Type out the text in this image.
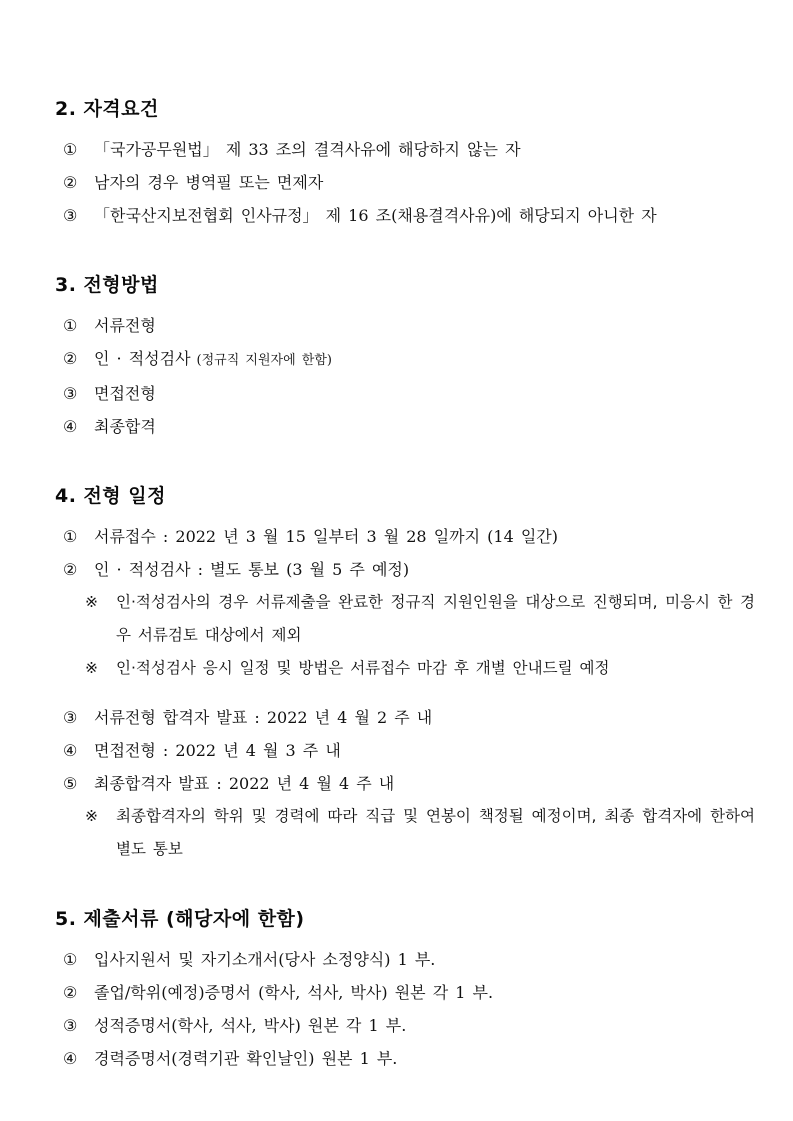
2. 자격요건
①	「국가공무원법」 제 33 조의 결격사유에 해당하지 않는 자
②	남자의 경우 병역필 또는 면제자
③	「한국산지보전협회 인사규정」 제 16 조(채용결격사유)에 해당되지 아니한 자
3. 전형방법
①	서류전형
②	인 · 적성검사 (정규직 지원자에 한함)
③	면접전형
④	최종합격
4. 전형 일정
①	서류접수 : 2022 년 3 월 15 일부터 3 월 28 일까지 (14 일간)
②	인 · 적성검사 : 별도 통보 (3 월 5 주 예정)
※	인·적성검사의 경우 서류제출을 완료한 정규직 지원인원을 대상으로 진행되며, 미응시 한 경우 서류검토 대상에서 제외
※	인·적성검사 응시 일정 및 방법은 서류접수 마감 후 개별 안내드릴 예정
③	서류전형 합격자 발표 : 2022 년 4 월 2 주 내
④	면접전형 : 2022 년 4 월 3 주 내
⑤	최종합격자 발표 : 2022 년 4 월 4 주 내
※	최종합격자의 학위 및 경력에 따라 직급 및 연봉이 책정될 예정이며, 최종 합격자에 한하여 별도 통보
5. 제출서류 (해당자에 한함)
①	입사지원서 및 자기소개서(당사 소정양식) 1 부.
②	졸업/학위(예정)증명서 (학사, 석사, 박사) 원본 각 1 부.
③	성적증명서(학사, 석사, 박사) 원본 각 1 부.
④	경력증명서(경력기관 확인날인) 원본 1 부.
